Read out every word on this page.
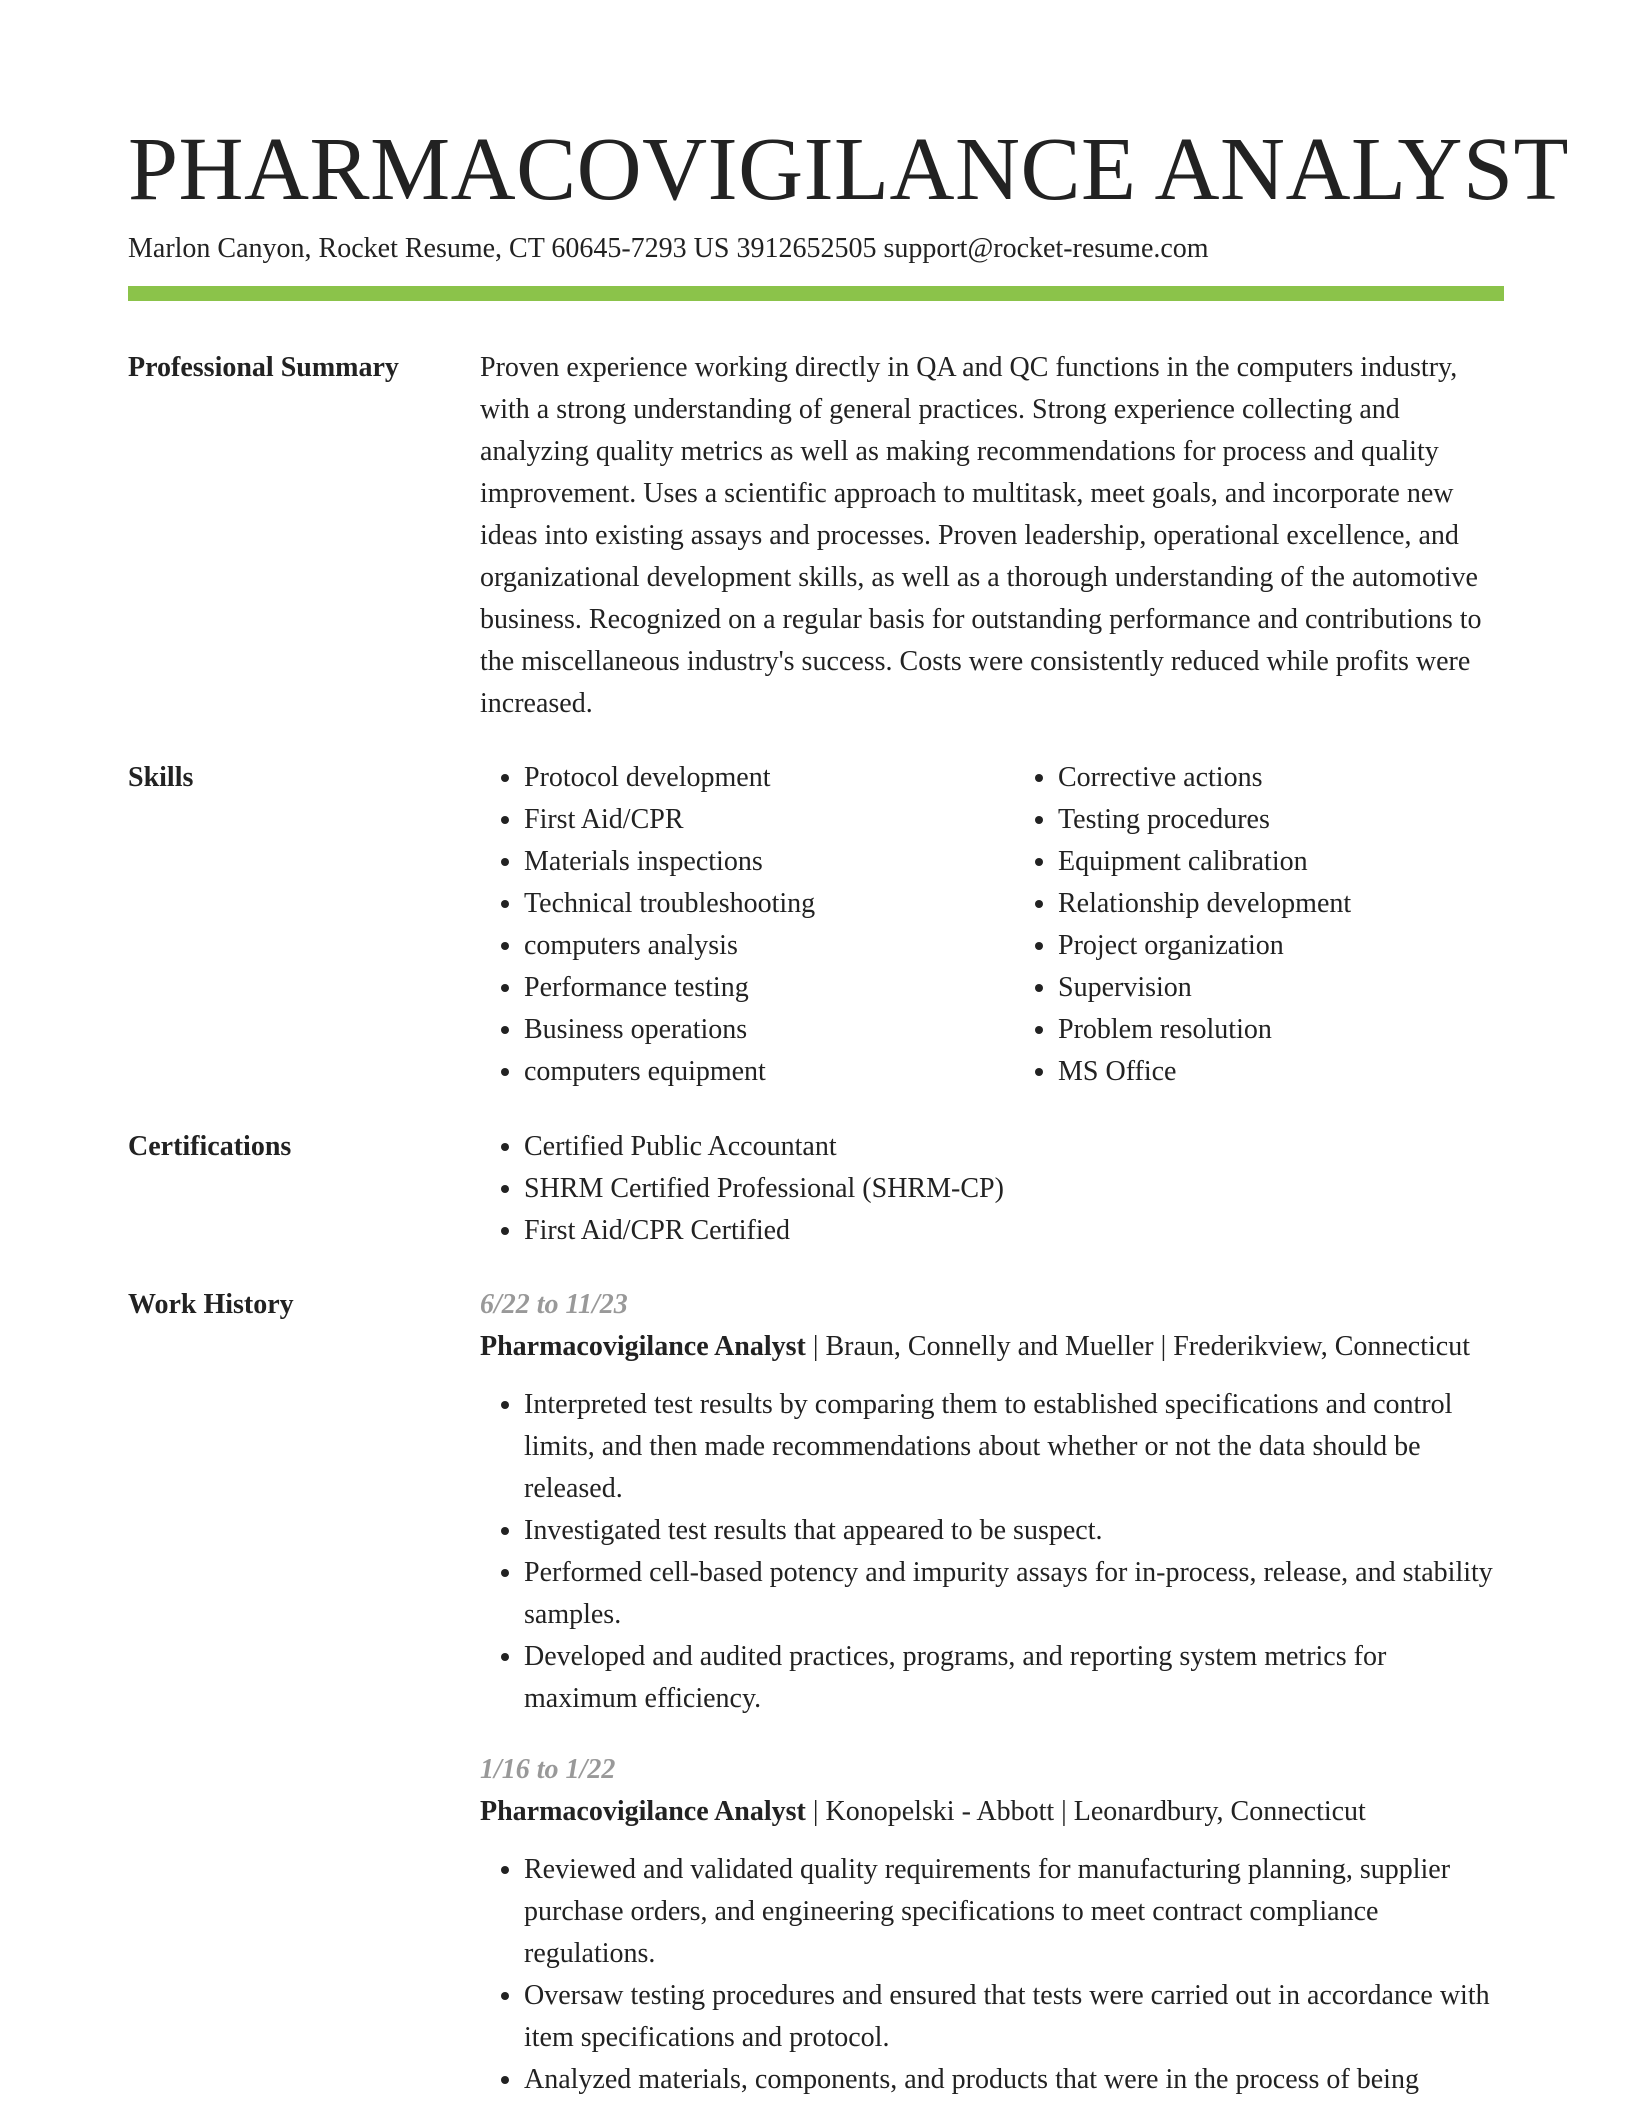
PHARMACOVIGILANCE ANALYST
Marlon Canyon, Rocket Resume, CT 60645-7293 US 3912652505 support@rocket-resume.com
Professional Summary	Proven experience working directly in QA and QC functions in the computers industry, with a strong understanding of general practices. Strong experience collecting and analyzing quality metrics as well as making recommendations for process and quality improvement. Uses a scientific approach to multitask, meet goals, and incorporate new ideas into existing assays and processes. Proven leadership, operational excellence, and organizational development skills, as well as a thorough understanding of the automotive business. Recognized on a regular basis for outstanding performance and contributions to the miscellaneous industry's success. Costs were consistently reduced while profits were increased.

Skills	• Protocol development
• First Aid/CPR
• Materials inspections
• Technical troubleshooting
• computers analysis
• Performance testing
• Business operations
• computers equipment
• Corrective actions
• Testing procedures
• Equipment calibration
• Relationship development
• Project organization
• Supervision
• Problem resolution
• MS Office
Certifications	• Certified Public Accountant
• SHRM Certified Professional (SHRM-CP)
• First Aid/CPR Certified
Work History	6/22 to 11/23
Pharmacovigilance Analyst | Braun, Connelly and Mueller | Frederikview, Connecticut
• Interpreted test results by comparing them to established specifications and control limits, and then made recommendations about whether or not the data should be released.
• Investigated test results that appeared to be suspect.
• Performed cell-based potency and impurity assays for in-process, release, and stability samples.
• Developed and audited practices, programs, and reporting system metrics for maximum efficiency.
1/16 to 1/22
Pharmacovigilance Analyst | Konopelski - Abbott | Leonardbury, Connecticut
• Reviewed and validated quality requirements for manufacturing planning, supplier purchase orders, and engineering specifications to meet contract compliance regulations.
• Oversaw testing procedures and ensured that tests were carried out in accordance with item specifications and protocol.
• Analyzed materials, components, and products that were in the process of being
